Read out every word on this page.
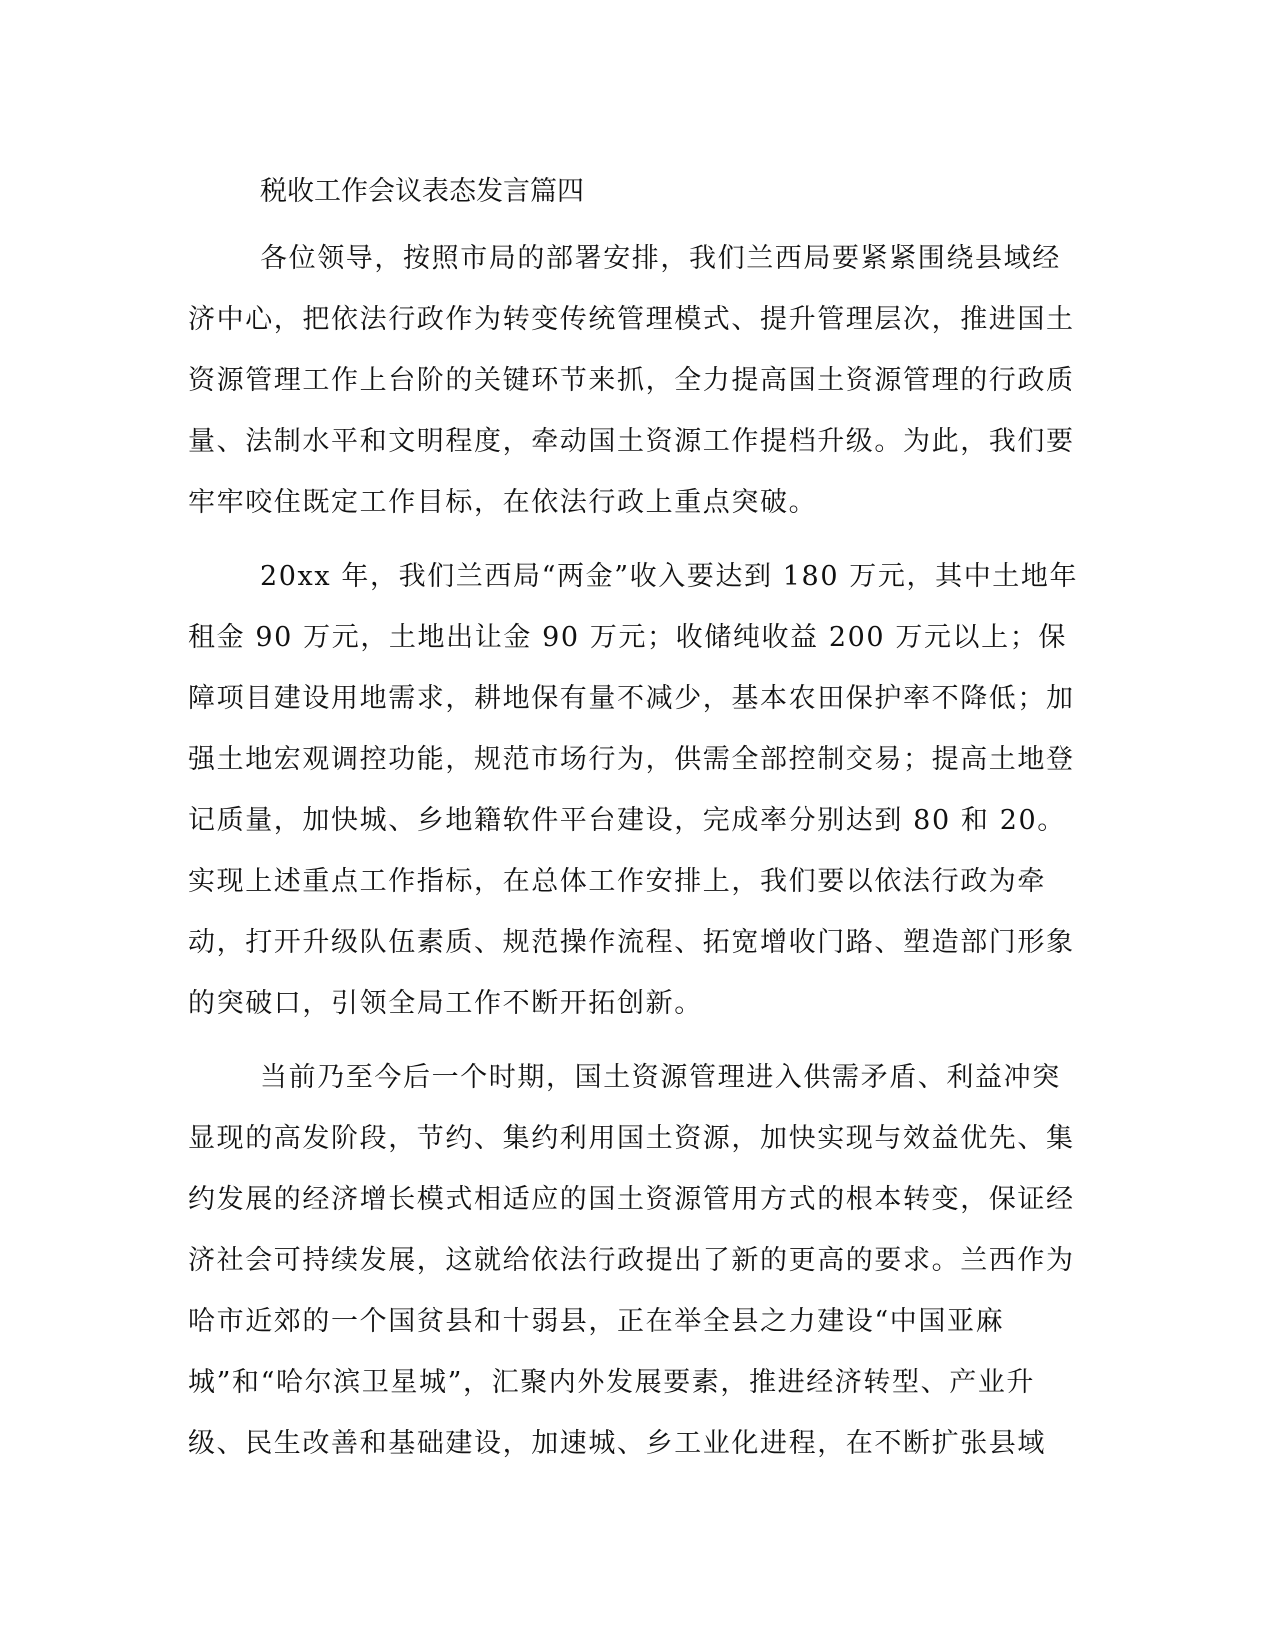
税收工作会议表态发言篇四

各位领导，按照市局的部署安排，我们兰西局要紧紧围绕县域经济中心，把依法行政作为转变传统管理模式、提升管理层次，推进国土资源管理工作上台阶的关键环节来抓，全力提高国土资源管理的行政质量、法制水平和文明程度，牵动国土资源工作提档升级。为此，我们要牢牢咬住既定工作目标，在依法行政上重点突破。

20xx 年，我们兰西局“两金”收入要达到 180 万元，其中土地年租金 90 万元，土地出让金 90 万元；收储纯收益 200 万元以上；保障项目建设用地需求，耕地保有量不减少，基本农田保护率不降低；加强土地宏观调控功能，规范市场行为，供需全部控制交易；提高土地登记质量，加快城、乡地籍软件平台建设，完成率分别达到 80 和 20。实现上述重点工作指标，在总体工作安排上，我们要以依法行政为牵动，打开升级队伍素质、规范操作流程、拓宽增收门路、塑造部门形象的突破口，引领全局工作不断开拓创新。

当前乃至今后一个时期，国土资源管理进入供需矛盾、利益冲突显现的高发阶段，节约、集约利用国土资源，加快实现与效益优先、集约发展的经济增长模式相适应的国土资源管用方式的根本转变，保证经济社会可持续发展，这就给依法行政提出了新的更高的要求。兰西作为哈市近郊的一个国贫县和十弱县，正在举全县之力建设“中国亚麻城”和“哈尔滨卫星城”，汇聚内外发展要素，推进经济转型、产业升级、民生改善和基础建设，加速城、乡工业化进程，在不断扩张县域
